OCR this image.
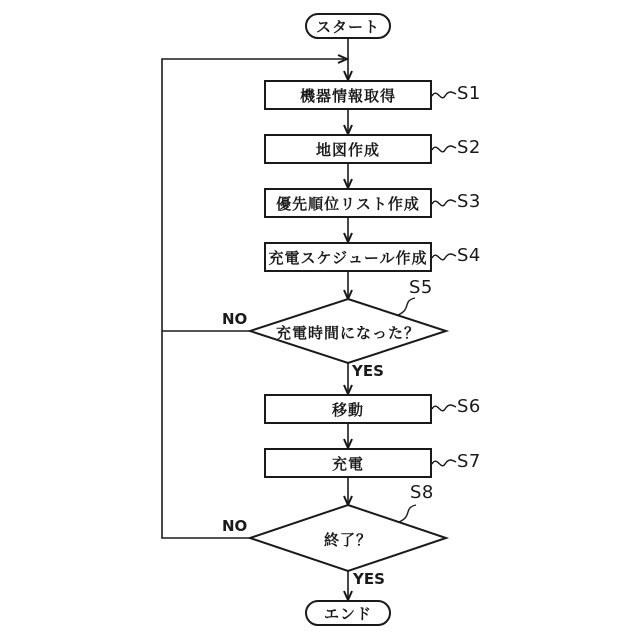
スタート
エンド
機器情報取得
地図作成
優先順位リスト作成
充電スケジュール作成
移動
充電
充電時間になった？
終了？
S1
S2
S3
S4
S5
S6
S7
S8
NO
YES
NO
YES
